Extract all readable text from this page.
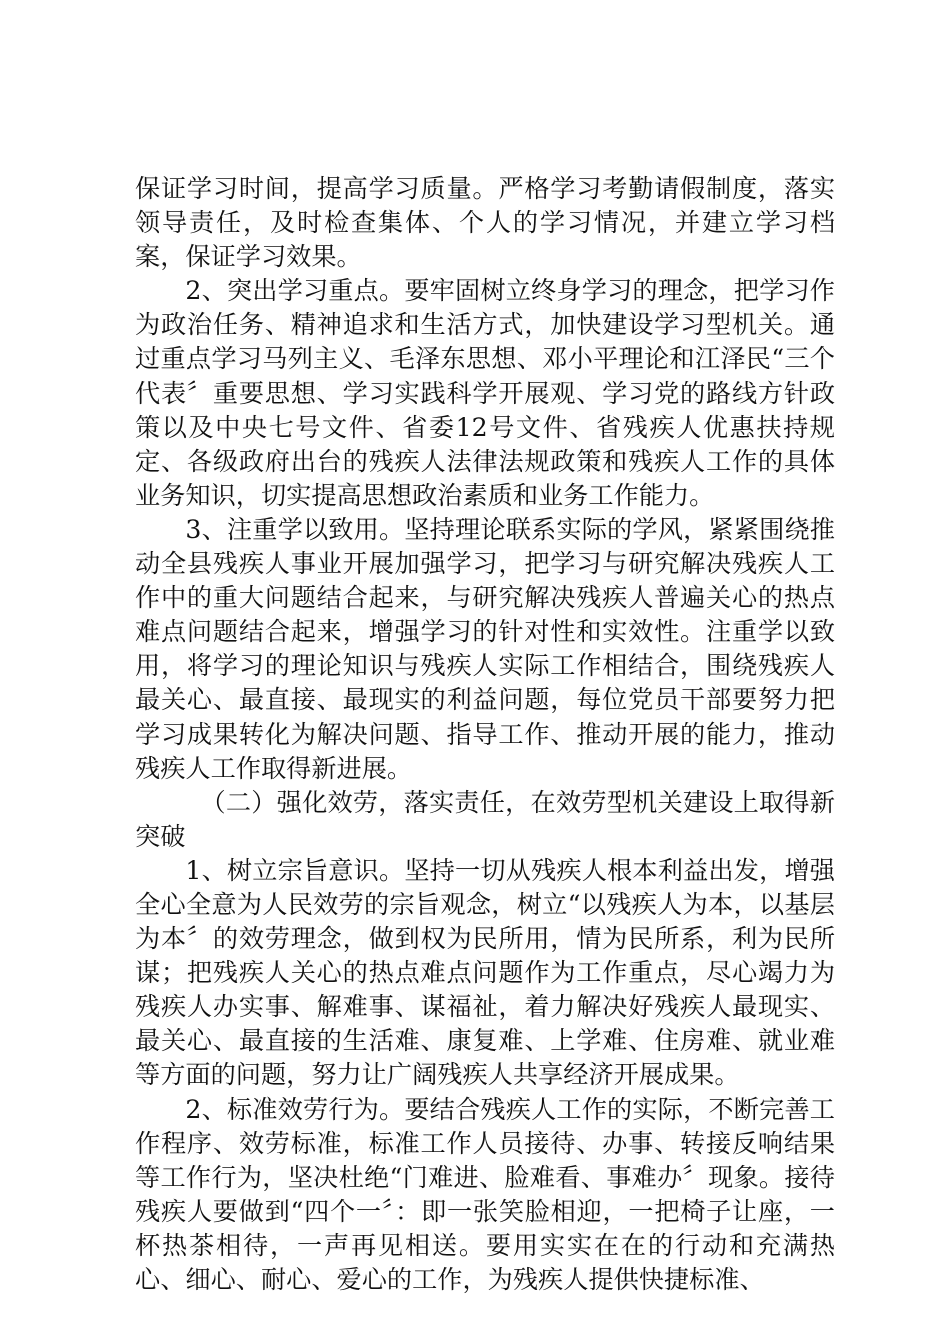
保证学习时间，提高学习质量。严格学习考勤请假制度，落实领导责任，及时检查集体、个人的学习情况，并建立学习档案，保证学习效果。

2、突出学习重点。要牢固树立终身学习的理念，把学习作为政治任务、精神追求和生活方式，加快建设学习型机关。通过重点学习马列主义、毛泽东思想、邓小平理论和江泽民“三个代表〞重要思想、学习实践科学开展观、学习党的路线方针政策以及中央七号文件、省委12号文件、省残疾人优惠扶持规定、各级政府出台的残疾人法律法规政策和残疾人工作的具体业务知识，切实提高思想政治素质和业务工作能力。

3、注重学以致用。坚持理论联系实际的学风，紧紧围绕推动全县残疾人事业开展加强学习，把学习与研究解决残疾人工作中的重大问题结合起来，与研究解决残疾人普遍关心的热点难点问题结合起来，增强学习的针对性和实效性。注重学以致用，将学习的理论知识与残疾人实际工作相结合，围绕残疾人最关心、最直接、最现实的利益问题，每位党员干部要努力把学习成果转化为解决问题、指导工作、推动开展的能力，推动残疾人工作取得新进展。

（二）强化效劳，落实责任，在效劳型机关建设上取得新突破

1、树立宗旨意识。坚持一切从残疾人根本利益出发，增强全心全意为人民效劳的宗旨观念，树立“以残疾人为本，以基层为本〞的效劳理念，做到权为民所用，情为民所系，利为民所谋；把残疾人关心的热点难点问题作为工作重点，尽心竭力为残疾人办实事、解难事、谋福祉，着力解决好残疾人最现实、最关心、最直接的生活难、康复难、上学难、住房难、就业难等方面的问题，努力让广阔残疾人共享经济开展成果。

2、标准效劳行为。要结合残疾人工作的实际，不断完善工作程序、效劳标准，标准工作人员接待、办事、转接反响结果等工作行为，坚决杜绝“门难进、脸难看、事难办〞现象。接待残疾人要做到“四个一〞：即一张笑脸相迎，一把椅子让座，一杯热茶相待，一声再见相送。要用实实在在的行动和充满热心、细心、耐心、爱心的工作，为残疾人提供快捷标准、
